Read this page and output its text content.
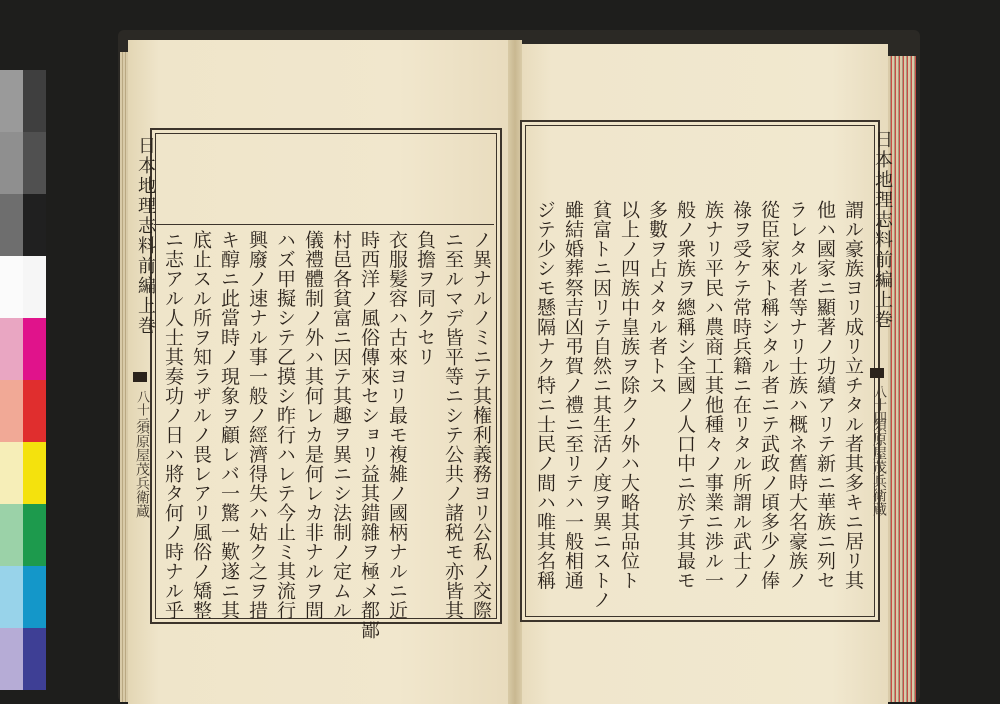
日本地理志料前編上巻
八十二
須原屋茂兵衛蔵
日本地理志料前編上巻
八十四
須原屋茂兵衛蔵
ノ異ナルノミニテ其権利義務ヨリ公私ノ交際
ニ至ルマデ皆平等ニシテ公共ノ諸税モ亦皆其
負擔ヲ同クセリ
衣服髪容ハ古來ヨリ最モ複雑ノ國柄ナルニ近
時西洋ノ風俗傳來セショリ益其錯雜ヲ極メ都鄙
村邑各貧富ニ因テ其趣ヲ異ニシ法制ノ定ムル
儀禮體制ノ外ハ其何レカ是何レカ非ナルヲ問
ハズ甲擬シテ乙摸シ昨行ハレテ今止ミ其流行
興廢ノ速ナル事一般ノ經濟得失ハ姑ク之ヲ措
キ醇ニ此當時ノ現象ヲ顧レバ一驚一歎遂ニ其
底止スル所ヲ知ラザルノ畏レアリ風俗ノ矯整
ニ志アル人士其奏功ノ日ハ將タ何ノ時ナル乎	謂ル豪族ヨリ成リ立チタル者其多キニ居リ其
他ハ國家ニ顯著ノ功績アリテ新ニ華族ニ列セ
ラレタル者等ナリ士族ハ概ネ舊時大名豪族ノ
從臣家來ト稱シタル者ニテ武政ノ頃多少ノ俸
祿ヲ受ケテ常時兵籍ニ在リタル所謂ル武士ノ
族ナリ平民ハ農商工其他種々ノ事業ニ渉ル一
般ノ衆族ヲ總稱シ全國ノ人口中ニ於テ其最モ
多數ヲ占メタル者トス
以上ノ四族中皇族ヲ除クノ外ハ大略其品位ト
貧富トニ因リテ自然ニ其生活ノ度ヲ異ニストノ
雖結婚葬祭吉凶弔賀ノ禮ニ至リテハ一般相通
ジテ少シモ懸隔ナク特ニ士民ノ間ハ唯其名稱
